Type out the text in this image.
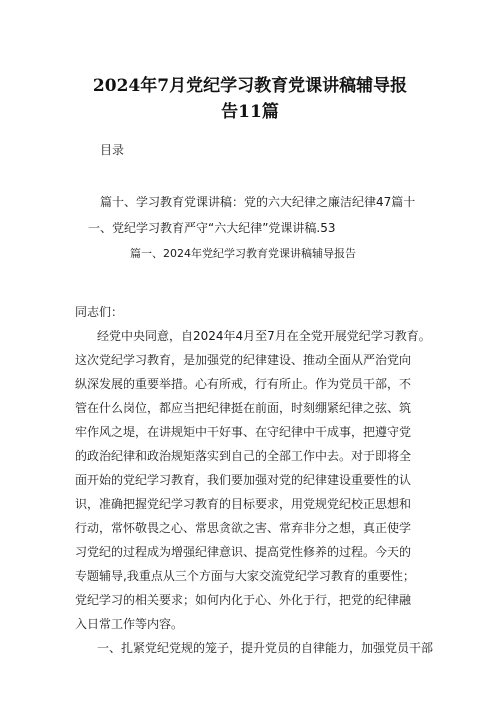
2024年7月党纪学习教育党课讲稿辅导报
告11篇
目录
篇十、学习教育党课讲稿：党的六大纪律之廉洁纪律47篇十
一、党纪学习教育严守“六大纪律”党课讲稿.53
篇一、2024年党纪学习教育党课讲稿辅导报告
同志们：
经党中央同意，自2024年4月至7月在全党开展党纪学习教育。
这次党纪学习教育，是加强党的纪律建设、推动全面从严治党向
纵深发展的重要举措。心有所戒，行有所止。作为党员干部，不
管在什么岗位，都应当把纪律挺在前面，时刻绷紧纪律之弦、筑
牢作风之堤，在讲规矩中干好事、在守纪律中干成事，把遵守党
的政治纪律和政治规矩落实到自己的全部工作中去。对于即将全
面开始的党纪学习教育，我们要加强对党的纪律建设重要性的认
识，准确把握党纪学习教育的目标要求，用党规党纪校正思想和
行动，常怀敬畏之心、常思贪欲之害、常弃非分之想，真正使学
习党纪的过程成为增强纪律意识、提高党性修养的过程。今天的
专题辅导,我重点从三个方面与大家交流党纪学习教育的重要性；
党纪学习的相关要求；如何内化于心、外化于行，把党的纪律融
入日常工作等内容。
一、扎紧党纪党规的笼子，提升党员的自律能力，加强党员干部
